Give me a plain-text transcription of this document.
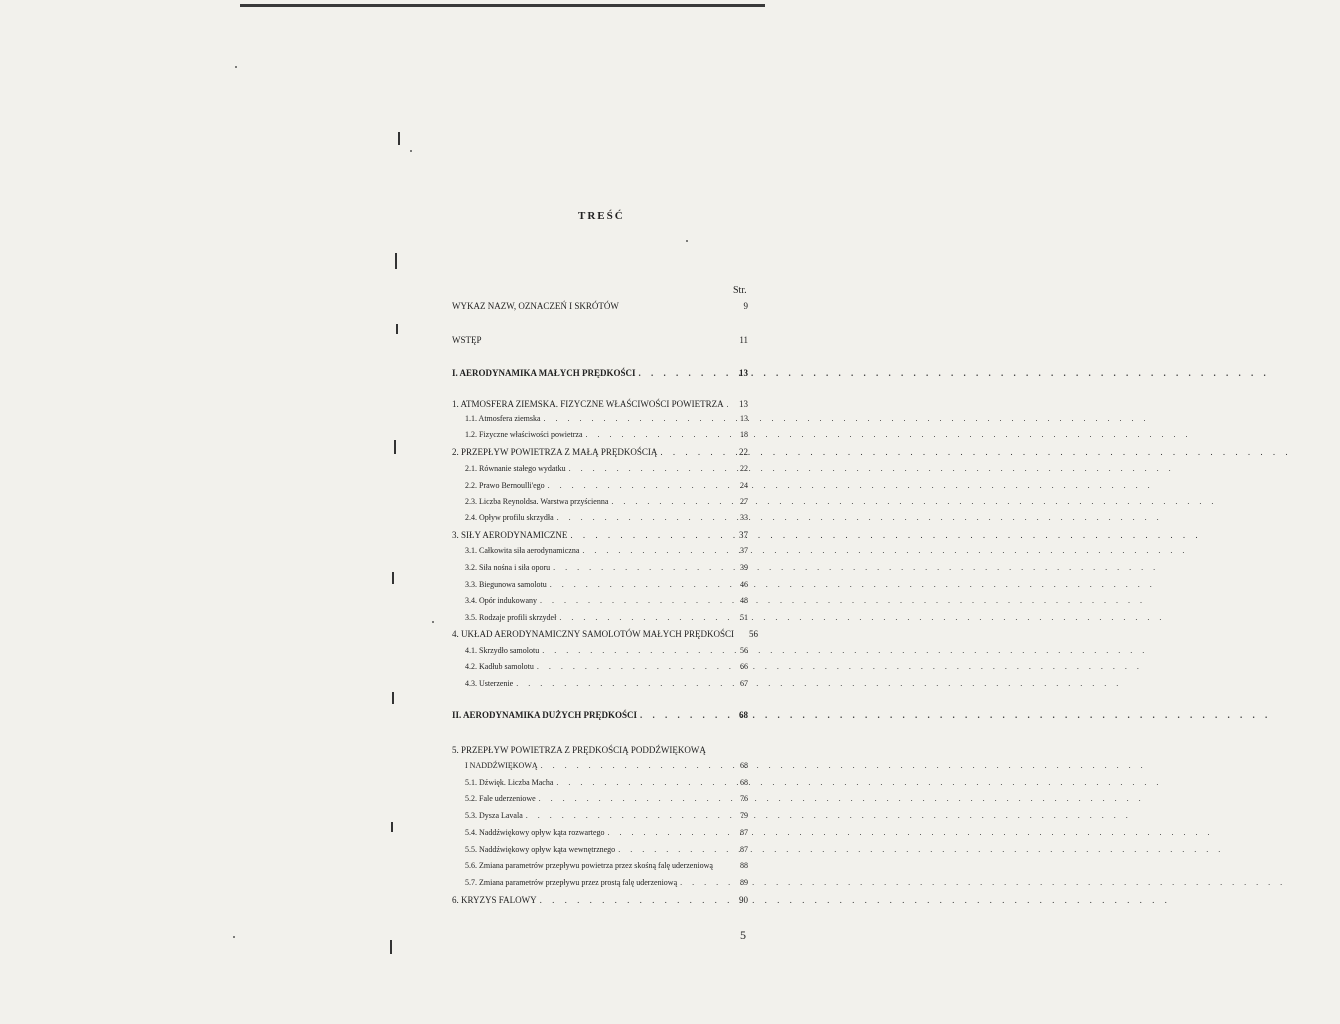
TREŚĆ
Str.
WYKAZ NAZW, OZNACZEŃ I SKRÓTÓW	9
WSTĘP	11
I. AERODYNAMIKA MAŁYCH PRĘDKOŚCI . . .	13
1. ATMOSFERA ZIEMSKA. FIZYCZNE WŁAŚCIWOŚCI POWIETRZA . . .	13
1.1. Atmosfera ziemska . . .	13
1.2. Fizyczne właściwości powietrza . . .	18
2. PRZEPŁYW POWIETRZA Z MAŁĄ PRĘDKOŚCIĄ . . .	22
2.1. Równanie stałego wydatku . . .	22
2.2. Prawo Bernoulli'ego . . .	24
2.3. Liczba Reynoldsa. Warstwa przyścienna . . .	27
2.4. Opływ profilu skrzydła . . .	33
3. SIŁY AERODYNAMICZNE . . .	37
3.1. Całkowita siła aerodynamiczna . . .	37
3.2. Siła nośna i siła oporu . . .	39
3.3. Biegunowa samolotu . . .	46
3.4. Opór indukowany . . .	48
3.5. Rodzaje profili skrzydeł . . .	51
4. UKŁAD AERODYNAMICZNY SAMOLOTÓW MAŁYCH PRĘDKOŚCI	56
4.1. Skrzydło samolotu . . .	56
4.2. Kadłub samolotu . . .	66
4.3. Usterzenie . . .	67
II. AERODYNAMIKA DUŻYCH PRĘDKOŚCI . . .	68
5. PRZEPŁYW POWIETRZA Z PRĘDKOŚCIĄ PODDŹWIĘKOWĄ
I NADDŹWIĘKOWĄ . . .	68
5.1. Dźwięk. Liczba Macha . . .	68
5.2. Fale uderzeniowe . . .	76
5.3. Dysza Lavala . . .	79
5.4. Naddźwiękowy opływ kąta rozwartego . . .	87
5.5. Naddźwiękowy opływ kąta wewnętrznego . . .	87
5.6. Zmiana parametrów przepływu powietrza przez skośną falę uderzeniową	88
5.7. Zmiana parametrów przepływu przez prostą falę uderzeniową . . .	89
6. KRYZYS FALOWY . . .	90
5
